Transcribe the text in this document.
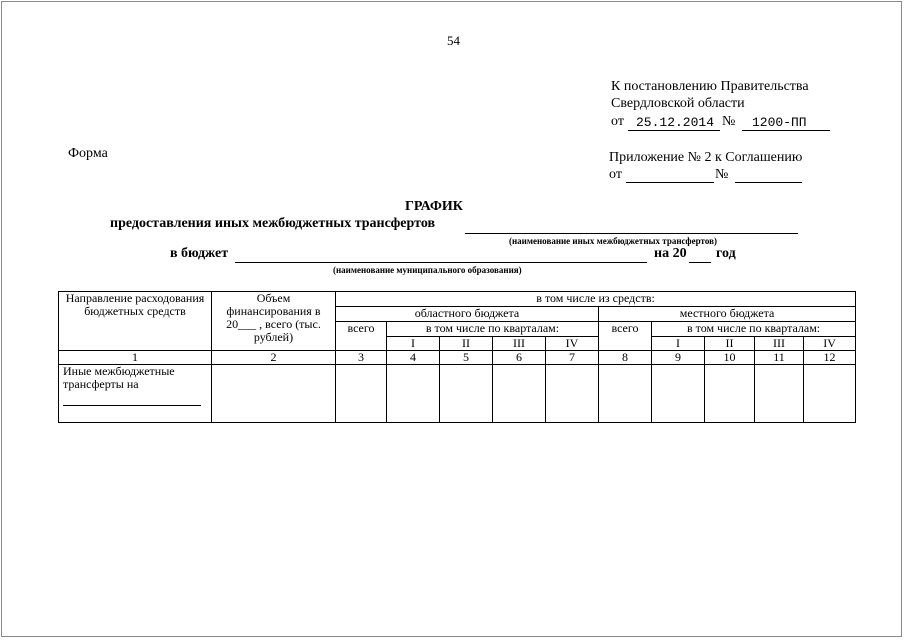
54
К постановлению Правительства
Свердловской области
от 25.12.2014 № 1200-ПП
Форма	Приложение № 2 к Соглашению
от	№
ГРАФИК
предоставления иных межбюджетных трансфертов
(наименование иных межбюджетных трансфертов)
в бюджет	на 20 год
(наименование муниципального образования)
Направление расходования бюджетных средств	Объем финансирования в 20___ , всего (тыс. рублей)	в том числе из средств:									
		областного бюджета					местного бюджета				
		всего	в том числе по кварталам:				всего	в том числе по кварталам:			
			I	II	III	IV		I	II	III	IV
1	2	3	4	5	6	7	8	9	10	11	12
Иные межбюджетные трансферты на
